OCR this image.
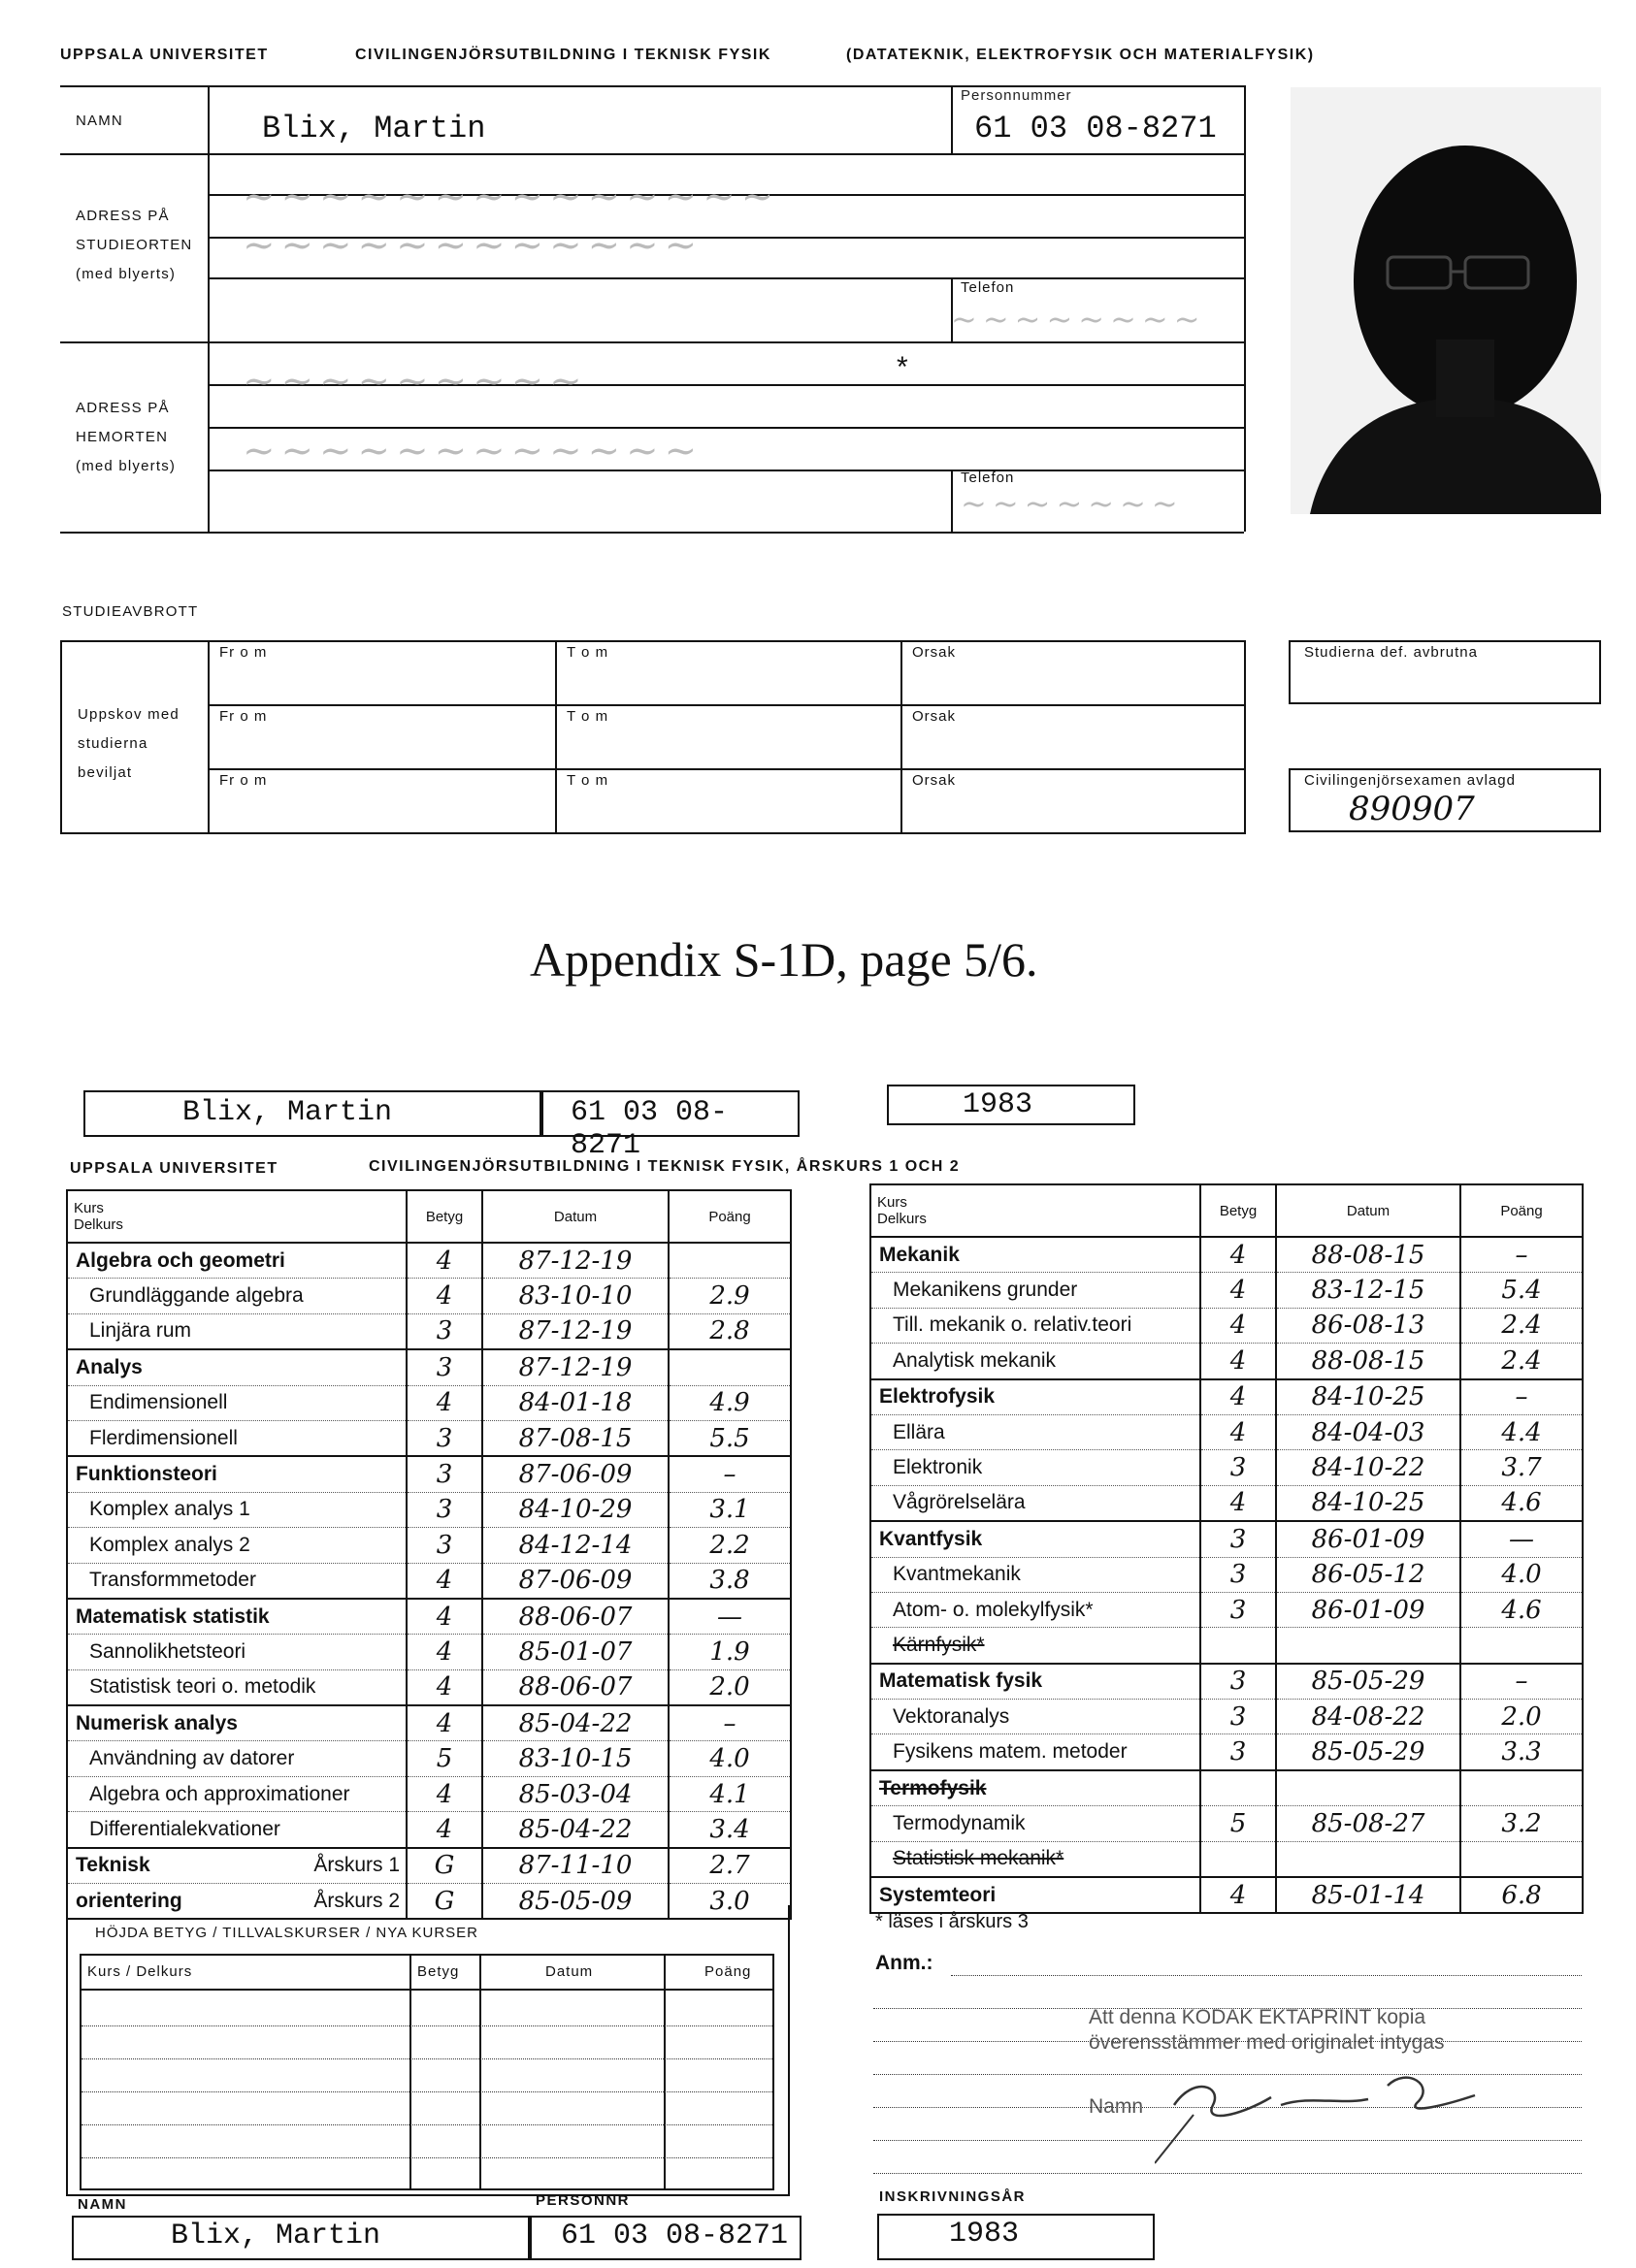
UPPSALA UNIVERSITET	CIVILINGENJÖRSUTBILDNING I TEKNISK FYSIK	(DATATEKNIK, ELEKTROFYSIK OCH MATERIALFYSIK)
NAMN	Blix, Martin
Personnummer
61 03 08-8271
ADRESS PÅ
STUDIEORTEN
(med blyerts)
~~~~~~~~~~~~~~
~~~~~~~~~~~~
Telefon
~~~~~~~~
ADRESS PÅ
HEMORTEN
(med blyerts)
~~~~~~~~~
~~~~~~~~~~~~
*
Telefon
~~~~~~~
STUDIEAVBROTT
Uppskov med
studierna
beviljat
Fr o m	T o m	Orsak
Fr o m	T o m	Orsak
Fr o m	T o m	Orsak
Studierna def. avbrutna
Civilingenjörsexamen avlagd
890907
Appendix S-1D, page 5/6.
Blix, Martin	61 03 08-8271
1983
UPPSALA UNIVERSITET	CIVILINGENJÖRSUTBILDNING I TEKNISK FYSIK, ÅRSKURS 1 OCH 2
Kurs
Delkurs	Betyg	Datum	Poäng
Algebra och geometri	4	87-12-19	
Grundläggande algebra	4	83-10-10	2.9
Linjära rum	3	87-12-19	2.8
Analys	3	87-12-19	
Endimensionell	4	84-01-18	4.9
Flerdimensionell	3	87-08-15	5.5
Funktionsteori	3	87-06-09	–
Komplex analys 1	3	84-10-29	3.1
Komplex analys 2	3	84-12-14	2.2
Transformmetoder	4	87-06-09	3.8
Matematisk statistik	4	88-06-07	—
Sannolikhetsteori	4	85-01-07	1.9
Statistisk teori o. metodik	4	88-06-07	2.0
Numerisk analys	4	85-04-22	–
Användning av datorer	5	83-10-15	4.0
Algebra och approximationer	4	85-03-04	4.1
Differentialekvationer	4	85-04-22	3.4
Teknisk Årskurs 1	G	87-11-10	2.7
orientering Årskurs 2	G	85-05-09	3.0
HÖJDA BETYG / TILLVALSKURSER / NYA KURSER
Kurs / Delkurs	Betyg	Datum	Poäng
Kurs
Delkurs	Betyg	Datum	Poäng
Mekanik	4	88-08-15	–
Mekanikens grunder	4	83-12-15	5.4
Till. mekanik o. relativ.teori	4	86-08-13	2.4
Analytisk mekanik	4	88-08-15	2.4
Elektrofysik	4	84-10-25	–
Ellära	4	84-04-03	4.4
Elektronik	3	84-10-22	3.7
Vågrörelselära	4	84-10-25	4.6
Kvantfysik	3	86-01-09	—
Kvantmekanik	3	86-05-12	4.0
Atom- o. molekylfysik*	3	86-01-09	4.6
Kärnfysik*			
Matematisk fysik	3	85-05-29	–
Vektoranalys	3	84-08-22	2.0
Fysikens matem. metoder	3	85-05-29	3.3
Termofysik			
Termodynamik	5	85-08-27	3.2
Statistisk mekanik*			
Systemteori	4	85-01-14	6.8
* läses i årskurs 3
Anm.:
Att denna KODAK EKTAPRINT kopia
överensstämmer med originalet intygas
Namn
NAMN	PERSONNR	INSKRIVNINGSÅR
Blix, Martin	61 03 08-8271	1983
